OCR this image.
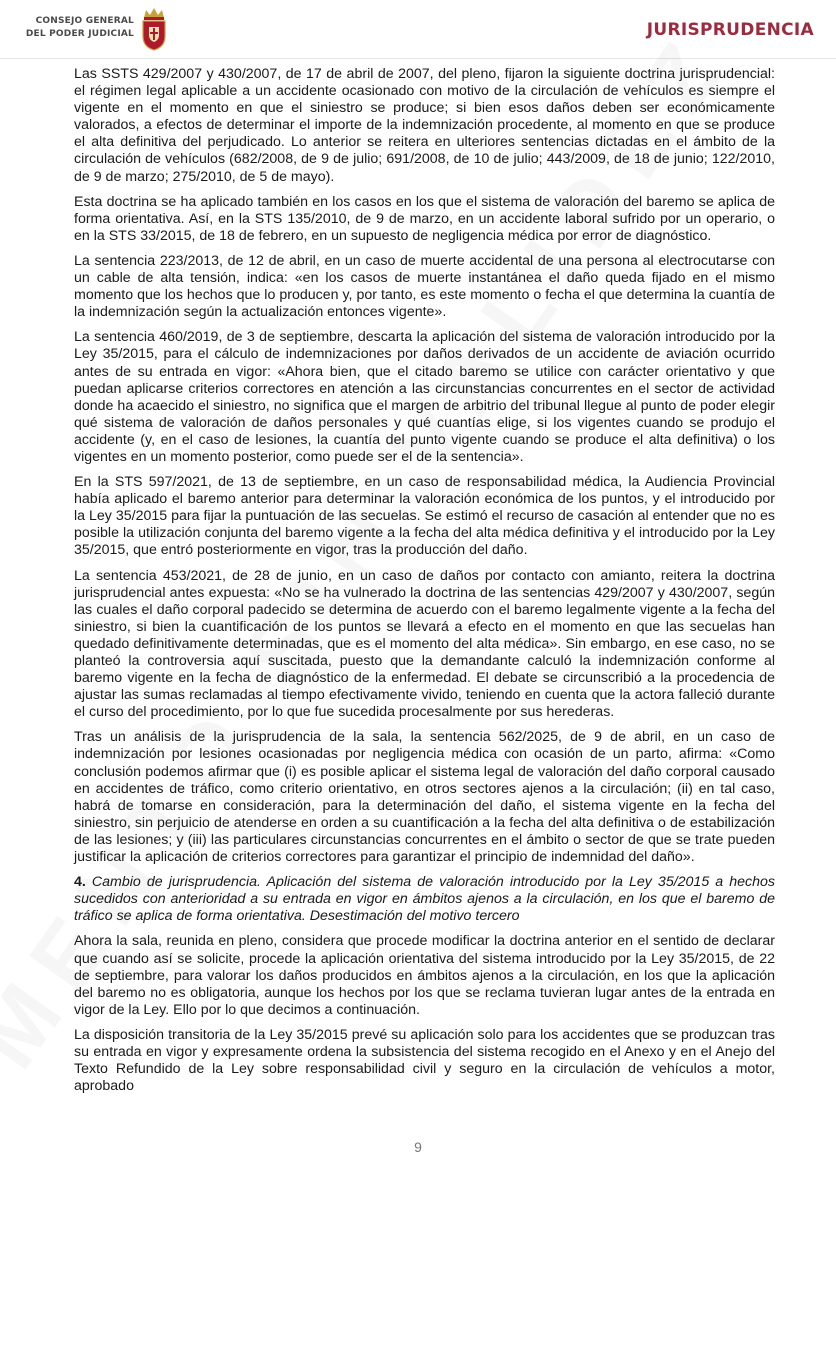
CONSEJO GENERAL
DEL PODER JUDICIAL	JURISPRUDENCIA

Las SSTS 429/2007 y 430/2007, de 17 de abril de 2007, del pleno, fijaron la siguiente doctrina jurisprudencial: el régimen legal aplicable a un accidente ocasionado con motivo de la circulación de vehículos es siempre el vigente en el momento en que el siniestro se produce; si bien esos daños deben ser económicamente valorados, a efectos de determinar el importe de la indemnización procedente, al momento en que se produce el alta definitiva del perjudicado. Lo anterior se reitera en ulteriores sentencias dictadas en el ámbito de la circulación de vehículos (682/2008, de 9 de julio; 691/2008, de 10 de julio; 443/2009, de 18 de junio; 122/2010, de 9 de marzo; 275/2010, de 5 de mayo).

Esta doctrina se ha aplicado también en los casos en los que el sistema de valoración del baremo se aplica de forma orientativa. Así, en la STS 135/2010, de 9 de marzo, en un accidente laboral sufrido por un operario, o en la STS 33/2015, de 18 de febrero, en un supuesto de negligencia médica por error de diagnóstico.

La sentencia 223/2013, de 12 de abril, en un caso de muerte accidental de una persona al electrocutarse con un cable de alta tensión, indica: «en los casos de muerte instantánea el daño queda fijado en el mismo momento que los hechos que lo producen y, por tanto, es este momento o fecha el que determina la cuantía de la indemnización según la actualización entonces vigente».

La sentencia 460/2019, de 3 de septiembre, descarta la aplicación del sistema de valoración introducido por la Ley 35/2015, para el cálculo de indemnizaciones por daños derivados de un accidente de aviación ocurrido antes de su entrada en vigor: «Ahora bien, que el citado baremo se utilice con carácter orientativo y que puedan aplicarse criterios correctores en atención a las circunstancias concurrentes en el sector de actividad donde ha acaecido el siniestro, no significa que el margen de arbitrio del tribunal llegue al punto de poder elegir qué sistema de valoración de daños personales y qué cuantías elige, si los vigentes cuando se produjo el accidente (y, en el caso de lesiones, la cuantía del punto vigente cuando se produce el alta definitiva) o los vigentes en un momento posterior, como puede ser el de la sentencia».

En la STS 597/2021, de 13 de septiembre, en un caso de responsabilidad médica, la Audiencia Provincial había aplicado el baremo anterior para determinar la valoración económica de los puntos, y el introducido por la Ley 35/2015 para fijar la puntuación de las secuelas. Se estimó el recurso de casación al entender que no es posible la utilización conjunta del baremo vigente a la fecha del alta médica definitiva y el introducido por la Ley 35/2015, que entró posteriormente en vigor, tras la producción del daño.

La sentencia 453/2021, de 28 de junio, en un caso de daños por contacto con amianto, reitera la doctrina jurisprudencial antes expuesta: «No se ha vulnerado la doctrina de las sentencias 429/2007 y 430/2007, según las cuales el daño corporal padecido se determina de acuerdo con el baremo legalmente vigente a la fecha del siniestro, si bien la cuantificación de los puntos se llevará a efecto en el momento en que las secuelas han quedado definitivamente determinadas, que es el momento del alta médica». Sin embargo, en ese caso, no se planteó la controversia aquí suscitada, puesto que la demandante calculó la indemnización conforme al baremo vigente en la fecha de diagnóstico de la enfermedad. El debate se circunscribió a la procedencia de ajustar las sumas reclamadas al tiempo efectivamente vivido, teniendo en cuenta que la actora falleció durante el curso del procedimiento, por lo que fue sucedida procesalmente por sus herederas.

Tras un análisis de la jurisprudencia de la sala, la sentencia 562/2025, de 9 de abril, en un caso de indemnización por lesiones ocasionadas por negligencia médica con ocasión de un parto, afirma: «Como conclusión podemos afirmar que (i) es posible aplicar el sistema legal de valoración del daño corporal causado en accidentes de tráfico, como criterio orientativo, en otros sectores ajenos a la circulación; (ii) en tal caso, habrá de tomarse en consideración, para la determinación del daño, el sistema vigente en la fecha del siniestro, sin perjuicio de atenderse en orden a su cuantificación a la fecha del alta definitiva o de estabilización de las lesiones; y (iii) las particulares circunstancias concurrentes en el ámbito o sector de que se trate pueden justificar la aplicación de criterios correctores para garantizar el principio de indemnidad del daño».

4. Cambio de jurisprudencia. Aplicación del sistema de valoración introducido por la Ley 35/2015 a hechos sucedidos con anterioridad a su entrada en vigor en ámbitos ajenos a la circulación, en los que el baremo de tráfico se aplica de forma orientativa. Desestimación del motivo tercero

Ahora la sala, reunida en pleno, considera que procede modificar la doctrina anterior en el sentido de declarar que cuando así se solicite, procede la aplicación orientativa del sistema introducido por la Ley 35/2015, de 22 de septiembre, para valorar los daños producidos en ámbitos ajenos a la circulación, en los que la aplicación del baremo no es obligatoria, aunque los hechos por los que se reclama tuvieran lugar antes de la entrada en vigor de la Ley. Ello por lo que decimos a continuación.

La disposición transitoria de la Ley 35/2015 prevé su aplicación solo para los accidentes que se produzcan tras su entrada en vigor y expresamente ordena la subsistencia del sistema recogido en el Anexo y en el Anejo del Texto Refundido de la Ley sobre responsabilidad civil y seguro en la circulación de vehículos a motor, aprobado

9
